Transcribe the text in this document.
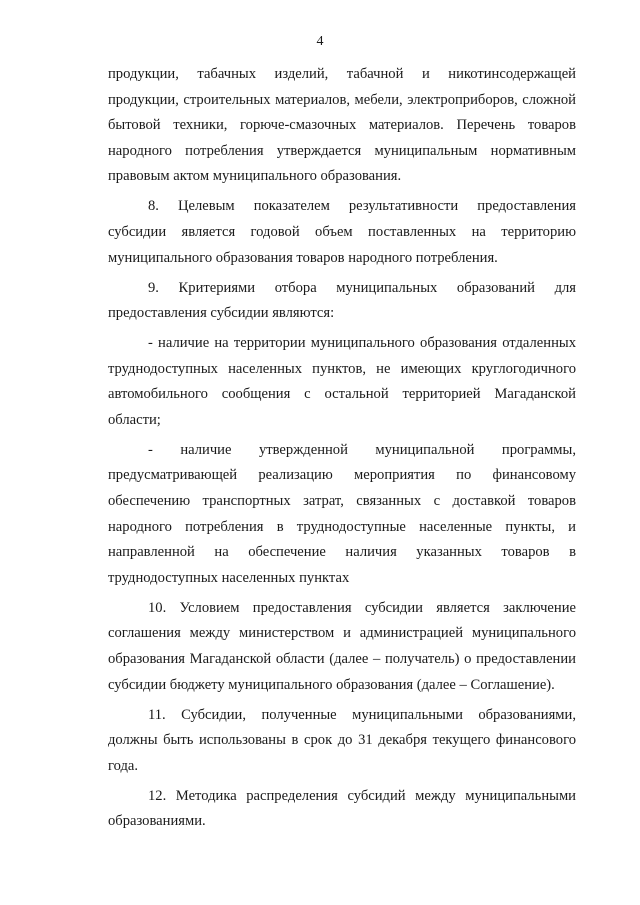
4

продукции, табачных изделий, табачной и никотинсодержащей продукции, строительных материалов, мебели, электроприборов, сложной бытовой техники, горюче-смазочных материалов. Перечень товаров народного потребления утверждается муниципальным нормативным правовым актом муниципального образования.

8. Целевым показателем результативности предоставления субсидии является годовой объем поставленных на территорию муниципального образования товаров народного потребления.

9. Критериями отбора муниципальных образований для предоставления субсидии являются:

- наличие на территории муниципального образования отдаленных труднодоступных населенных пунктов, не имеющих круглогодичного автомобильного сообщения с остальной территорией Магаданской области;

- наличие утвержденной муниципальной программы, предусматривающей реализацию мероприятия по финансовому обеспечению транспортных затрат, связанных с доставкой товаров народного потребления в труднодоступные населенные пункты, и направленной на обеспечение наличия указанных товаров в труднодоступных населенных пунктах

10. Условием предоставления субсидии является заключение соглашения между министерством и администрацией муниципального образования Магаданской области (далее – получатель) о предоставлении субсидии бюджету муниципального образования (далее – Соглашение).

11. Субсидии, полученные муниципальными образованиями, должны быть использованы в срок до 31 декабря текущего финансового года.

12. Методика распределения субсидий между муниципальными образованиями.
